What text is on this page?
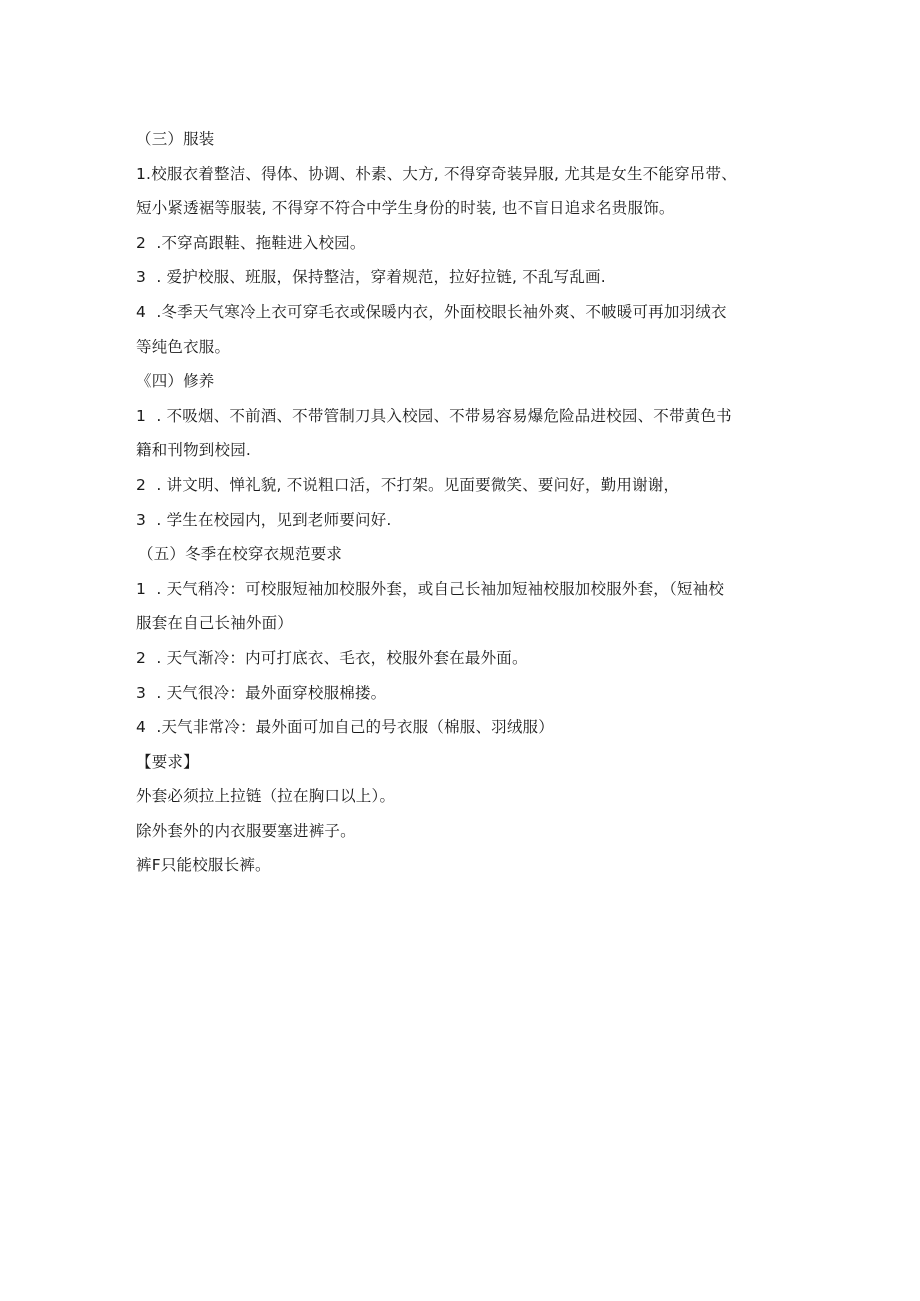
（三）服装
1.校服衣着整洁、得体、协调、朴素、大方, 不得穿奇装异服, 尤其是女生不能穿吊带、
短小紧透裾等服装, 不得穿不符合中学生身份的时装, 也不盲日追求名贵服饰。
2  .不穿高跟鞋、拖鞋进入校园。
3  . 爱护校服、班服，保持整洁，穿着规范，拉好拉链, 不乱写乱画.
4  .冬季天气寒冷上衣可穿毛衣或保暖内衣，外面校眼长袖外爽、不帔暖可再加羽绒衣
等纯色衣服。
《四）修养
1  . 不吸烟、不前酒、不带管制刀具入校园、不带易容易爆危险品进校园、不带黄色书
籍和刊物到校园.
2  . 讲文明、惮礼貌, 不说粗口活，不打架。见面要微笑、要问好，勤用谢谢，
3  . 学生在校园内，见到老师要问好.
（五）冬季在校穿衣规范要求
1  . 天气稍冷：可校服短袖加校服外套，或自己长袖加短袖校服加校服外套，（短袖校
服套在自己长袖外面）
2  . 天气渐冷：内可打底衣、毛衣，校服外套在最外面。
3  . 天气很冷：最外面穿校服棉搂。
4  .天气非常冷：最外面可加自己的号衣服（棉服、羽绒服）
【要求】
外套必须拉上拉链（拉在胸口以上）。
除外套外的内衣服要塞进裤子。
裤F只能校服长裤。
